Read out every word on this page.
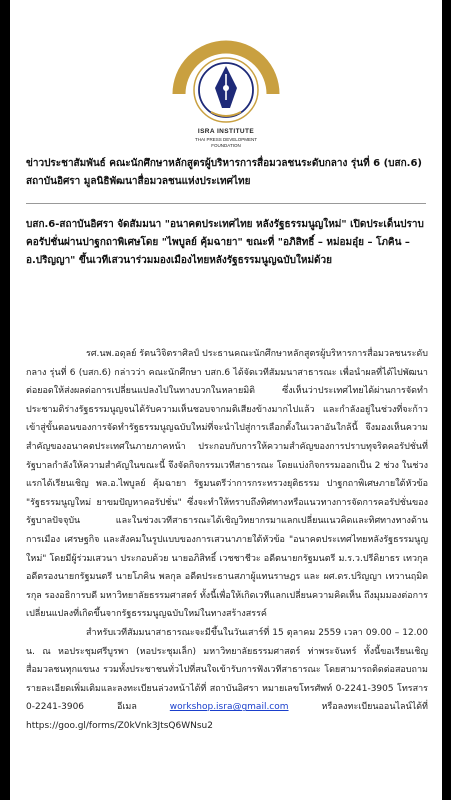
ISRA INSTITUTE
THAI PRESS DEVELOPMENT
FOUNDATION
ข่าวประชาสัมพันธ์ คณะนักศึกษาหลักสูตรผู้บริหารการสื่อมวลชนระดับกลาง รุ่นที่ 6 (บสก.6)
สถาบันอิศรา มูลนิธิพัฒนาสื่อมวลชนแห่งประเทศไทย
บสก.6-สถาบันอิศรา จัดสัมมนา "อนาคตประเทศไทย หลังรัฐธรรมนูญใหม่" เปิดประเด็นปราบคอรัปชั่นผ่านปาฐกถาพิเศษโดย "ไพบูลย์ คุ้มฉายา" ขณะที่ "อภิสิทธิ์ – หม่อมอุ๋ย – โภคิน – อ.ปริญญา" ขึ้นเวทีเสวนาร่วมมองเมืองไทยหลังรัฐธรรมนูญฉบับใหม่ด้วย

รศ.นพ.อดุลย์ รัตนวิจิตราศิลป์ ประธานคณะนักศึกษาหลักสูตรผู้บริหารการสื่อมวลชนระดับกลาง รุ่นที่ 6 (บสก.6) กล่าวว่า คณะนักศึกษา บสก.6 ได้จัดเวทีสัมมนาสาธารณะ เพื่อนำผลที่ได้ไปพัฒนาต่อยอดให้ส่งผลต่อการเปลี่ยนแปลงไปในทางบวกในหลายมิติ ซึ่งเห็นว่าประเทศไทยได้ผ่านการจัดทำประชามติร่างรัฐธรรมนูญจนได้รับความเห็นชอบจากมติเสียงข้างมากไปแล้ว และกำลังอยู่ในช่วงที่จะก้าวเข้าสู่ขั้นตอนของการจัดทำรัฐธรรมนูญฉบับใหม่ที่จะนำไปสู่การเลือกตั้งในเวลาอันใกล้นี้ จึงมองเห็นความสำคัญของอนาคตประเทศในภายภาคหน้า ประกอบกับการให้ความสำคัญของการปราบทุจริตคอรัปชั่นที่รัฐบาลกำลังให้ความสำคัญในขณะนี้ จึงจัดกิจกรรมเวทีสาธารณะ โดยแบ่งกิจกรรมออกเป็น 2 ช่วง ในช่วงแรกได้เรียนเชิญ พล.อ.ไพบูลย์ คุ้มฉายา รัฐมนตรีว่าการกระทรวงยุติธรรม ปาฐกถาพิเศษภายใต้หัวข้อ "รัฐธรรมนูญใหม่ ยาขมปัญหาคอรัปชั่น" ซึ่งจะทำให้ทราบถึงทิศทางหรือแนวทางการจัดการคอรัปชั่นของรัฐบาลปัจจุบัน และในช่วงเวทีสาธารณะได้เชิญวิทยากรมาแลกเปลี่ยนแนวคิดและทิศทางทางด้านการเมือง เศรษฐกิจ และสังคมในรูปแบบของการเสวนาภายใต้หัวข้อ "อนาคตประเทศไทยหลังรัฐธรรมนูญใหม่" โดยมีผู้ร่วมเสวนา ประกอบด้วย นายอภิสิทธิ์ เวชชาชีวะ อดีตนายกรัฐมนตรี ม.ร.ว.ปรีดิยาธร เทวกุล อดีตรองนายกรัฐมนตรี นายโภคิน พลกุล อดีตประธานสภาผู้แทนราษฎร และ ผศ.ดร.ปริญญา เทวานฤมิตรกุล รองอธิการบดี มหาวิทยาลัยธรรมศาสตร์ ทั้งนี้เพื่อให้เกิดเวทีแลกเปลี่ยนความคิดเห็น ถึงมุมมองต่อการเปลี่ยนแปลงที่เกิดขึ้นจากรัฐธรรมนูญฉบับใหม่ในทางสร้างสรรค์

สำหรับเวทีสัมมนาสาธารณะจะมีขึ้นในวันเสาร์ที่ 15 ตุลาคม 2559 เวลา 09.00 – 12.00 น. ณ หอประชุมศรีบูรพา (หอประชุมเล็ก) มหาวิทยาลัยธรรมศาสตร์ ท่าพระจันทร์ ทั้งนี้ขอเรียนเชิญสื่อมวลชนทุกแขนง รวมทั้งประชาชนทั่วไปที่สนใจเข้ารับการฟังเวทีสาธารณะ โดยสามารถติดต่อสอบถามรายละเอียดเพิ่มเติมและลงทะเบียนล่วงหน้าได้ที่ สถาบันอิศรา หมายเลขโทรศัพท์ 0-2241-3905 โทรสาร 0-2241-3906 อีเมล	workshop.isra@gmail.com หรือลงทะเบียนออนไลน์ได้ที่ https://goo.gl/forms/Z0kVnk3JtsQ6WNsu2
